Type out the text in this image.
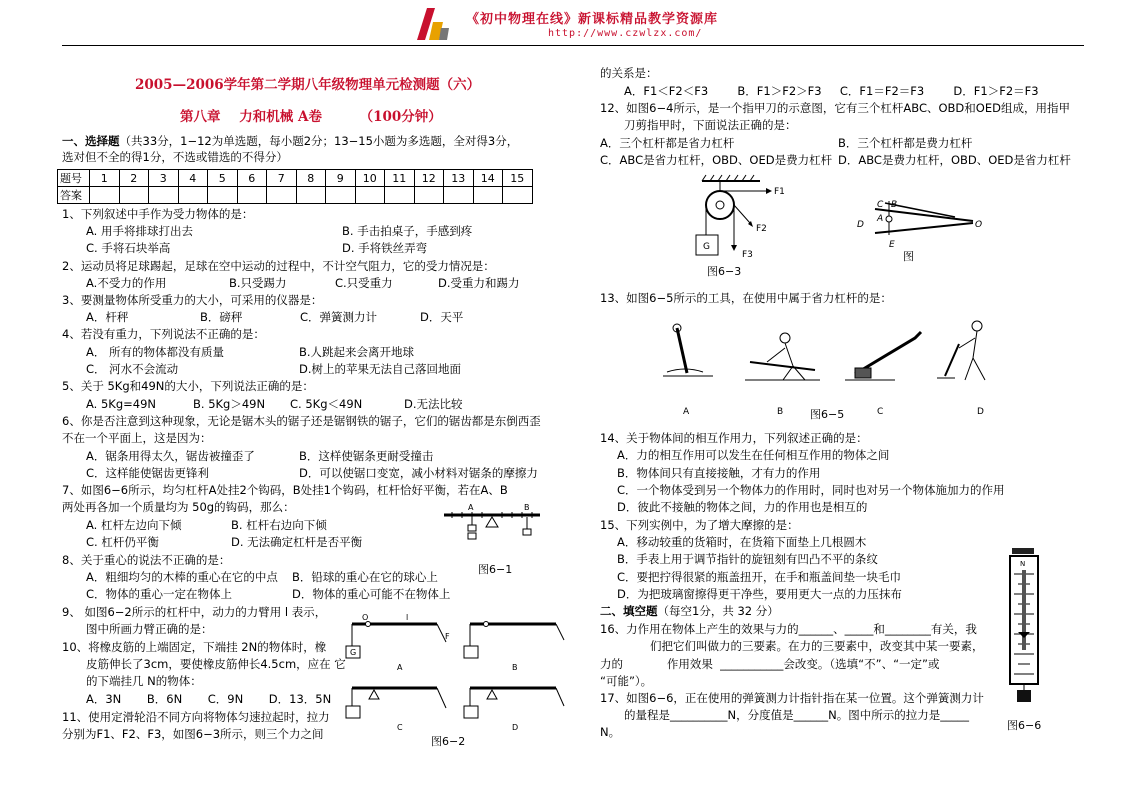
《初中物理在线》新课标精品教学资源库
http://www.czwlzx.com/
2005—2006学年第二学期八年级物理单元检测题（六）
第八章    力和机械 A卷        （100分钟）
一、选择题（共33分，1−12为单选题，每小题2分；13−15小题为多选题，全对得3分，
选对但不全的得1分，不选或错选的不得分）
题号	1	2	3	4	5	6	7	8	9	10	11	12	13	14	15
答案															
1、下列叙述中手作为受力物体的是：
A. 用手将排球打出去	B. 手击拍桌子，手感到疼
C. 手将石块举高	D. 手将铁丝弄弯
2、运动员将足球踢起，足球在空中运动的过程中，不计空气阻力，它的受力情况是：
A.不受力的作用	B.只受踢力	C.只受重力	D.受重力和踢力
3、要测量物体所受重力的大小，可采用的仪器是：
A．杆秤	B．磅秤	C．弹簧测力计	D．天平
4、若没有重力，下列说法不正确的是：
A． 所有的物体都没有质量	B.人跳起来会离开地球
C． 河水不会流动	D.树上的苹果无法自己落回地面
5、关于 5Kg和49N的大小，下列说法正确的是：
A. 5Kg=49N	B. 5Kg＞49N C. 5Kg＜49N	D.无法比较
6、你是否注意到这种现象，无论是锯木头的锯子还是锯钢铁的锯子，它们的锯齿都是东倒西歪
不在一个平面上，这是因为：
A．锯条用得太久，锯齿被撞歪了	B．这样使锯条更耐受撞击
C．这样能使锯齿更锋利	D．可以使锯口变宽，减小材料对锯条的摩擦力
7、如图6−6所示，均匀杠杆A处挂2个钩码，B处挂1个钩码，杠杆恰好平衡，若在A、B
两处再各加一个质量均为 50g的钩码，那么：
A. 杠杆左边向下倾	B. 杠杆右边向下倾
C. 杠杆仍平衡	D. 无法确定杠杆是否平衡
A	B
图6−1
8、关于重心的说法不正确的是：
A．粗细均匀的木棒的重心在它的中点 B．铅球的重心在它的球心上
C．物体的重心一定在物体上	D．物体的重心可能不在物体上
9、 如图6−2所示的杠杆中，动力的力臂用 l 表示，
图中所画力臂正确的是：
10、将橡皮筋的上端固定，下端挂 2N的物体时，橡
皮筋伸长了3cm，要使橡皮筋伸长4.5cm，应在 它
的下端挂几 N的物体：
A．3N       B．6N       C．9N       D．13．5N
11、使用定滑轮沿不同方向将物体匀速拉起时，拉力
分别为F1、F2、F3，如图6−3所示，则三个力之间
O
G
F
l
A	B
C	D
图6−2
的关系是：
A．F1＜F2＜F3        B．F1＞F2＞F3     C．F1＝F2＝F3        D．F1＞F2＝F3
12、如图6−4所示，是一个指甲刀的示意图，它有三个杠杆ABC、OBD和OED组成，用指甲
刀剪指甲时，下面说法正确的是：
A．三个杠杆都是省力杠杆	B．三个杠杆都是费力杠杆
C．ABC是省力杠杆，OBD、OED是费力杠杆 D．ABC是费力杠杆，OBD、OED是省力杠杆
G
F1
F2
F3
图6−3
D
C B
A
E
O
图
13、如图6−5所示的工具，在使用中属于省力杠杆的是：
A	B	C	D
图6−5
14、关于物体间的相互作用力，下列叙述正确的是：
A．力的相互作用可以发生在任何相互作用的物体之间
B．物体间只有直接接触，才有力的作用
C．一个物体受到另一个物体力的作用时，同时也对另一个物体施加力的作用
D．彼此不接触的物体之间，力的作用也是相互的
15、下列实例中，为了增大摩擦的是：
A．移动较重的货箱时，在货箱下面垫上几根圆木
B．手表上用于调节指针的旋钮刻有凹凸不平的条纹
C．要把拧得很紧的瓶盖扭开，在手和瓶盖间垫一块毛巾
D．为把玻璃窗擦得更干净些，要用更大一点的力压抹布
二、填空题（每空1分，共 32 分）
16、力作用在物体上产生的效果与力的______、_____和________有关，我
们把它们叫做力的三要素。在力的三要素中，改变其中某一要素，
力的            作用效果  ___________会改变。（选填“不”、“一定”或
“可能”）。
17、如图6−6，正在使用的弹簧测力计指针指在某一位置。这个弹簧测力计
的量程是__________N，分度值是______N。图中所示的拉力是_____
N。
N
图6−6
